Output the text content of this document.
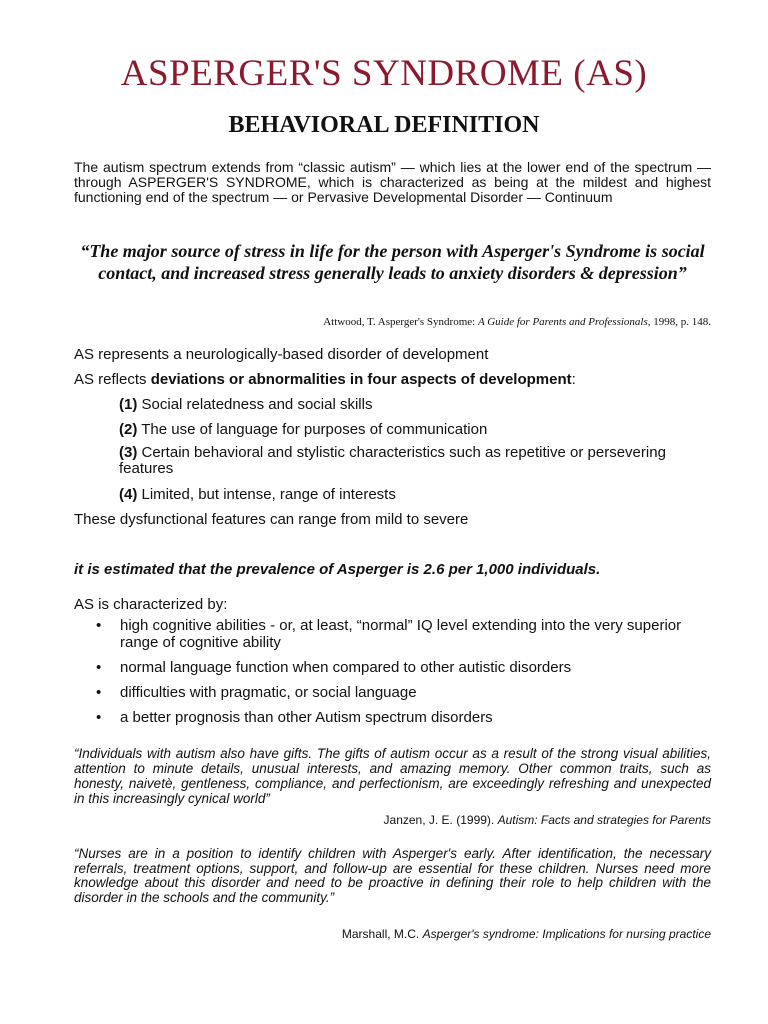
ASPERGER'S SYNDROME (AS)
BEHAVIORAL DEFINITION

The autism spectrum extends from “classic autism” — which lies at the lower end of the spectrum — through ASPERGER'S SYNDROME, which is characterized as being at the mildest and highest functioning end of the spectrum — or Pervasive Developmental Disorder — Continuum

“The major source of stress in life for the person with Asperger's Syndrome is social contact, and increased stress generally leads to anxiety disorders & depression”

Attwood, T. Asperger's Syndrome: A Guide for Parents and Professionals, 1998, p. 148.

AS represents a neurologically-based disorder of development

AS reflects deviations or abnormalities in four aspects of development:

(1) Social relatedness and social skills

(2) The use of language for purposes of communication

(3) Certain behavioral and stylistic characteristics such as repetitive or persevering features

(4) Limited, but intense, range of interests

These dysfunctional features can range from mild to severe

it is estimated that the prevalence of Asperger is 2.6 per 1,000 individuals.

AS is characterized by:

• high cognitive abilities - or, at least, “normal” IQ level extending into the very superior range of cognitive ability
• normal language function when compared to other autistic disorders
• difficulties with pragmatic, or social language
• a better prognosis than other Autism spectrum disorders

“Individuals with autism also have gifts. The gifts of autism occur as a result of the strong visual abilities, attention to minute details, unusual interests, and amazing memory. Other common traits, such as honesty, naivetè, gentleness, compliance, and perfectionism, are exceedingly refreshing and unexpected in this increasingly cynical world”

Janzen, J. E. (1999). Autism: Facts and strategies for Parents

“Nurses are in a position to identify children with Asperger's early. After identification, the necessary referrals, treatment options, support, and follow-up are essential for these children. Nurses need more knowledge about this disorder and need to be proactive in defining their role to help children with the disorder in the schools and the community.”

Marshall, M.C. Asperger's syndrome: Implications for nursing practice
